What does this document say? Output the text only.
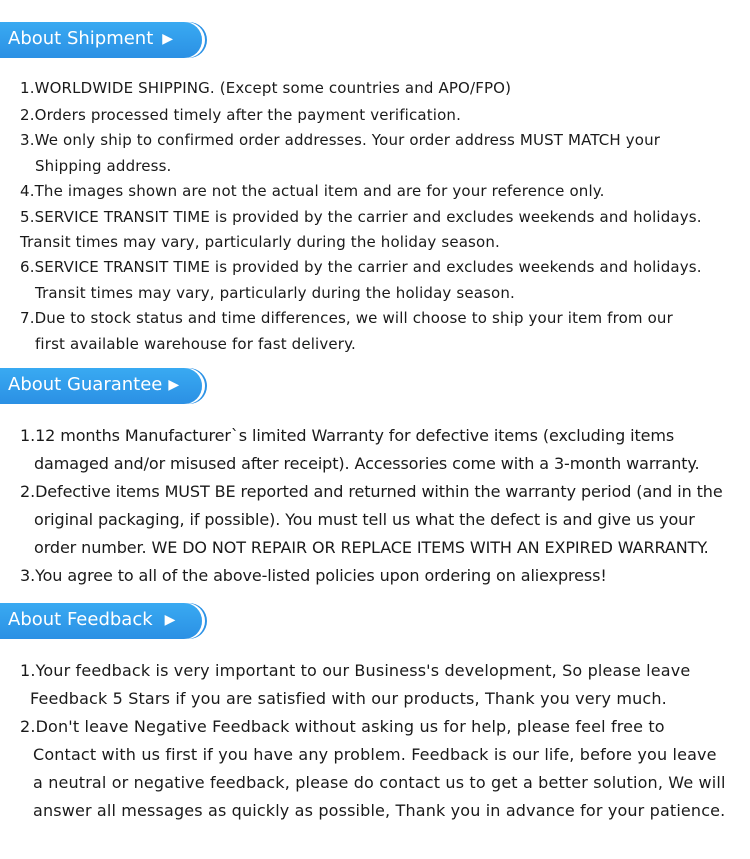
About Shipment ▶
1.WORLDWIDE SHIPPING. (Except some countries and APO/FPO)
2.Orders processed timely after the payment verification.
3.We only ship to confirmed order addresses. Your order address MUST MATCH your
Shipping address.
4.The images shown are not the actual item and are for your reference only.
5.SERVICE TRANSIT TIME is provided by the carrier and excludes weekends and holidays.
Transit times may vary, particularly during the holiday season.
6.SERVICE TRANSIT TIME is provided by the carrier and excludes weekends and holidays.
Transit times may vary, particularly during the holiday season.
7.Due to stock status and time differences, we will choose to ship your item from our
first available warehouse for fast delivery.
About Guarantee ▶
1.12 months Manufacturer`s limited Warranty for defective items (excluding items
damaged and/or misused after receipt). Accessories come with a 3-month warranty.
2.Defective items MUST BE reported and returned within the warranty period (and in the
original packaging, if possible). You must tell us what the defect is and give us your
order number. WE DO NOT REPAIR OR REPLACE ITEMS WITH AN EXPIRED WARRANTY.
3.You agree to all of the above-listed policies upon ordering on aliexpress!
About Feedback ▶
1.Your feedback is very important to our Business's development, So please leave
Feedback 5 Stars if you are satisfied with our products, Thank you very much.
2.Don't leave Negative Feedback without asking us for help, please feel free to
Contact with us first if you have any problem. Feedback is our life, before you leave
a neutral or negative feedback, please do contact us to get a better solution, We will
answer all messages as quickly as possible, Thank you in advance for your patience.
